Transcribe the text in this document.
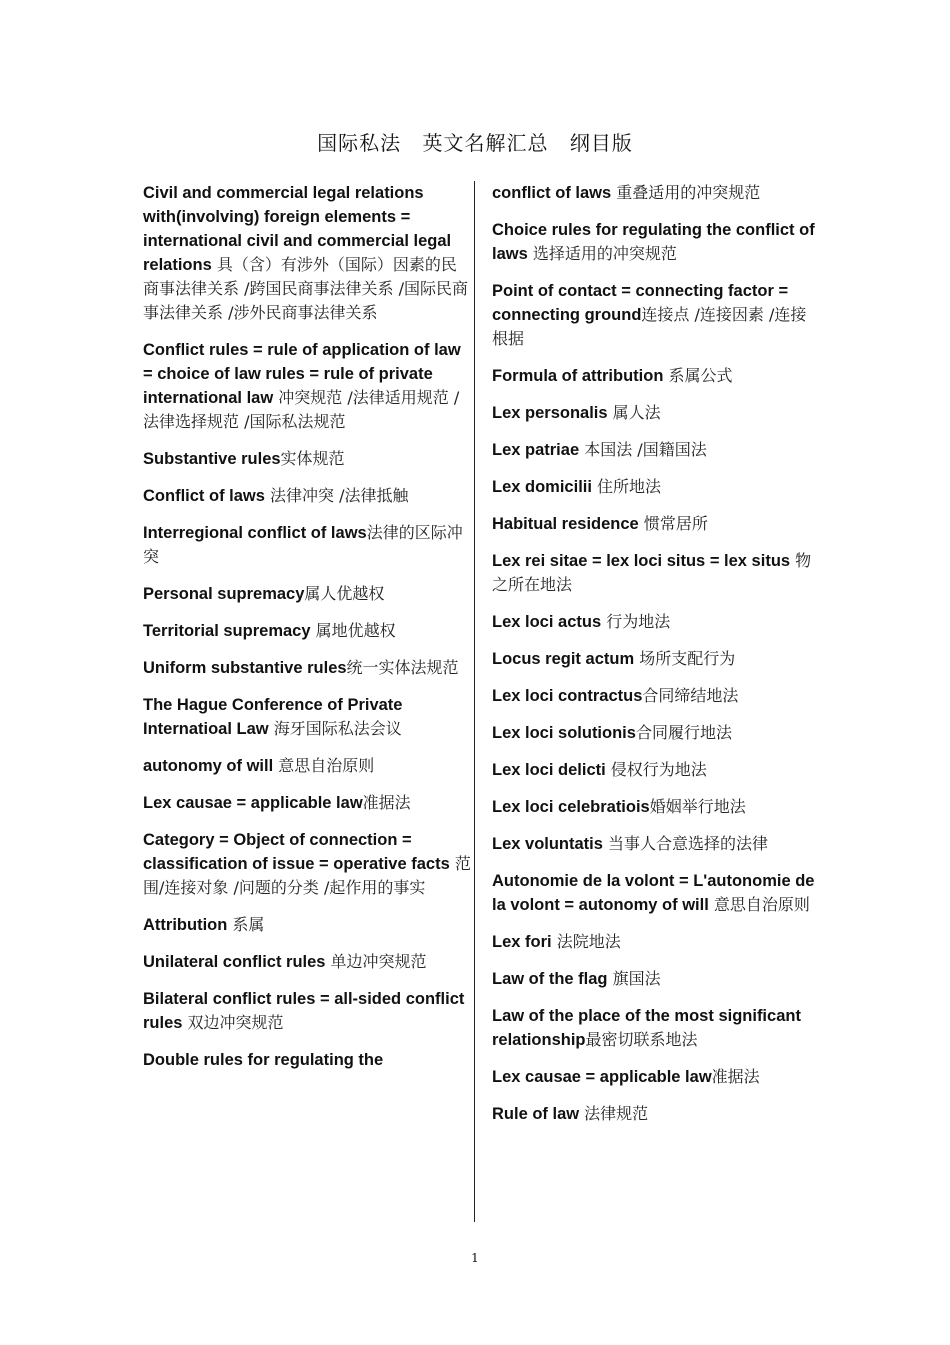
国际私法 英文名解汇总 纲目版
Civil and commercial legal relations with(involving) foreign elements = international civil and commercial legal relations 具（含）有涉外（国际）因素的民商事法律关系 /跨国民商事法律关系 /国际民商事法律关系 /涉外民商事法律关系
Conflict rules = rule of application of law = choice of law rules = rule of private international law 冲突规范 /法律适用规范 /法律选择规范 /国际私法规范
Substantive rules实体规范
Conflict of laws 法律冲突 /法律抵触
Interregional conflict of laws法律的区际冲突
Personal supremacy属人优越权
Territorial supremacy 属地优越权
Uniform substantive rules统一实体法规范
The Hague Conference of Private Internatioal Law 海牙国际私法会议
autonomy of will 意思自治原则
Lex causae = applicable law准据法
Category = Object of connection = classification of issue = operative facts 范围/连接对象 /问题的分类 /起作用的事实
Attribution 系属
Unilateral conflict rules 单边冲突规范
Bilateral conflict rules = all-sided conflict rules 双边冲突规范
Double rules for regulating the
conflict of laws 重叠适用的冲突规范
Choice rules for regulating the conflict of laws 选择适用的冲突规范
Point of contact = connecting factor = connecting ground连接点 /连接因素 /连接根据
Formula of attribution 系属公式
Lex personalis 属人法
Lex patriae 本国法 /国籍国法
Lex domicilii 住所地法
Habitual residence 惯常居所
Lex rei sitae = lex loci situs = lex situs 物之所在地法
Lex loci actus 行为地法
Locus regit actum 场所支配行为
Lex loci contractus合同缔结地法
Lex loci solutionis合同履行地法
Lex loci delicti 侵权行为地法
Lex loci celebratiois婚姻举行地法
Lex voluntatis 当事人合意选择的法律
Autonomie de la volont = L'autonomie de la volont = autonomy of will 意思自治原则
Lex fori 法院地法
Law of the flag 旗国法
Law of the place of the most significant relationship最密切联系地法
Lex causae = applicable law准据法
Rule of law 法律规范
1
